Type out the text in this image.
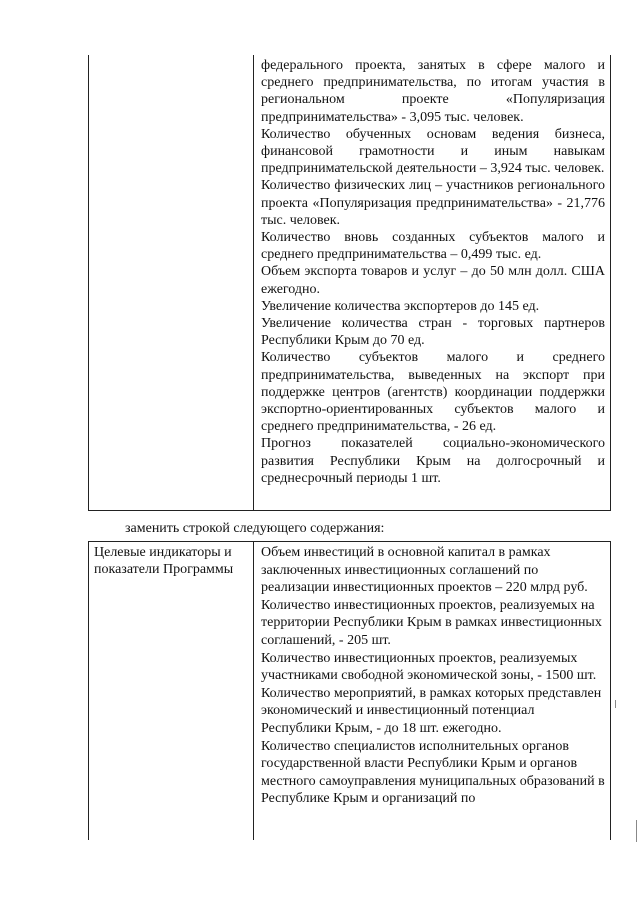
федерального проекта, занятых в сфере малого и среднего предпринимательства, по итогам участия в региональном проекте «Популяризация предпринимательства» - 3,095 тыс. человек.

Количество обученных основам ведения бизнеса, финансовой грамотности и иным навыкам предпринимательской деятельности – 3,924 тыс. человек.

Количество физических лиц – участников регионального проекта «Популяризация предпринимательства» - 21,776 тыс. человек.

Количество вновь созданных субъектов малого и среднего предпринимательства – 0,499 тыс. ед.

Объем экспорта товаров и услуг – до 50 млн долл. США ежегодно.

Увеличение количества экспортеров до 145 ед.

Увеличение количества стран - торговых партнеров Республики Крым до 70 ед.

Количество субъектов малого и среднего предпринимательства, выведенных на экспорт при поддержке центров (агентств) координации поддержки экспортно-ориентированных субъектов малого и среднего предпринимательства, - 26 ед.

Прогноз показателей социально-экономического развития Республики Крым на долгосрочный и среднесрочный периоды 1 шт.

заменить строкой следующего содержания:
Целевые индикаторы и показатели Программы

Объем инвестиций в основной капитал в рамках заключенных инвестиционных соглашений по реализации инвестиционных проектов – 220 млрд руб.

Количество инвестиционных проектов, реализуемых на территории Республики Крым в рамках инвестиционных соглашений, - 205 шт.

Количество инвестиционных проектов, реализуемых участниками свободной экономической зоны, - 1500 шт.

Количество мероприятий, в рамках которых представлен экономический и инвестиционный потенциал Республики Крым, - до 18 шт. ежегодно.

Количество специалистов исполнительных органов государственной власти Республики Крым и органов местного самоуправления муниципальных образований в Республике Крым и организаций по
